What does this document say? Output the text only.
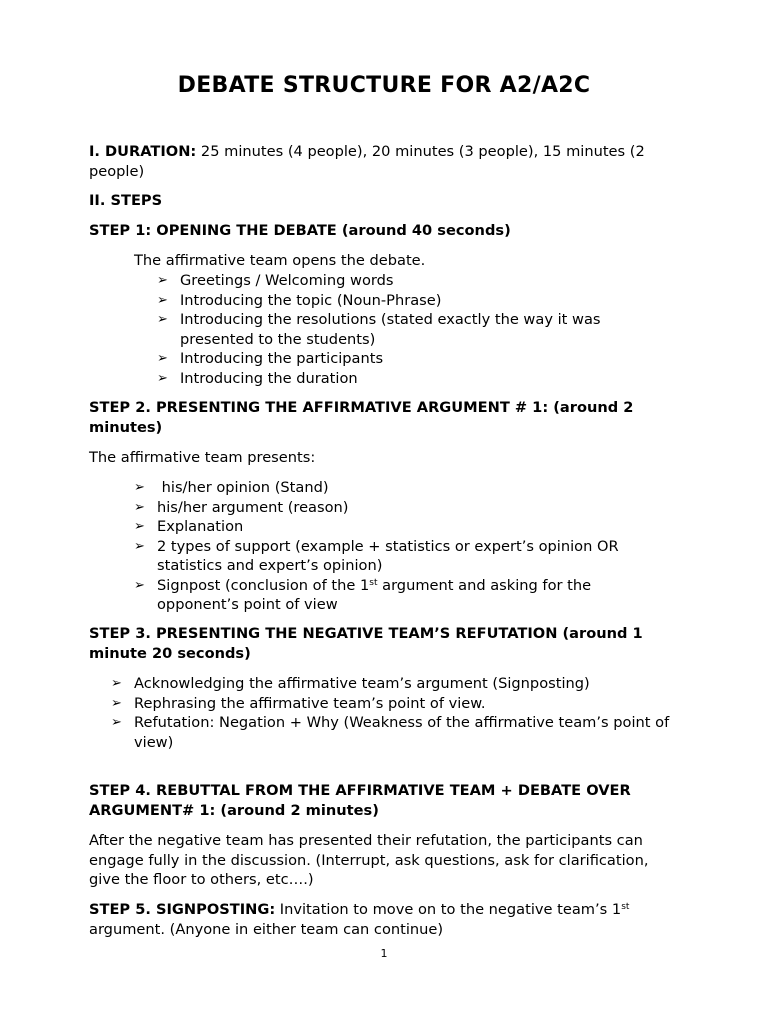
DEBATE STRUCTURE FOR A2/A2C
I. DURATION: 25 minutes (4 people), 20 minutes (3 people), 15 minutes (2 people)
II. STEPS
STEP 1: OPENING THE DEBATE (around 40 seconds)
The affirmative team opens the debate.
➢ Greetings / Welcoming words
➢ Introducing the topic (Noun-Phrase)
➢ Introducing the resolutions (stated exactly the way it was presented to the students)
➢ Introducing the participants
➢ Introducing the duration
STEP 2. PRESENTING THE AFFIRMATIVE ARGUMENT # 1: (around 2 minutes)
The affirmative team presents:
➢ his/her opinion (Stand)
➢ his/her argument (reason)
➢ Explanation
➢ 2 types of support (example + statistics or expert’s opinion OR statistics and expert’s opinion)
➢ Signpost (conclusion of the 1st argument and asking for the opponent’s point of view
STEP 3. PRESENTING THE NEGATIVE TEAM’S REFUTATION (around 1 minute 20 seconds)
➢ Acknowledging the affirmative team’s argument (Signposting)
➢ Rephrasing the affirmative team’s point of view.
➢ Refutation: Negation + Why (Weakness of the affirmative team’s point of view)
STEP 4. REBUTTAL FROM THE AFFIRMATIVE TEAM + DEBATE OVER ARGUMENT# 1: (around 2 minutes)
After the negative team has presented their refutation, the participants can engage fully in the discussion. (Interrupt, ask questions, ask for clarification, give the floor to others, etc….)
STEP 5. SIGNPOSTING: Invitation to move on to the negative team’s 1st argument. (Anyone in either team can continue)
1
